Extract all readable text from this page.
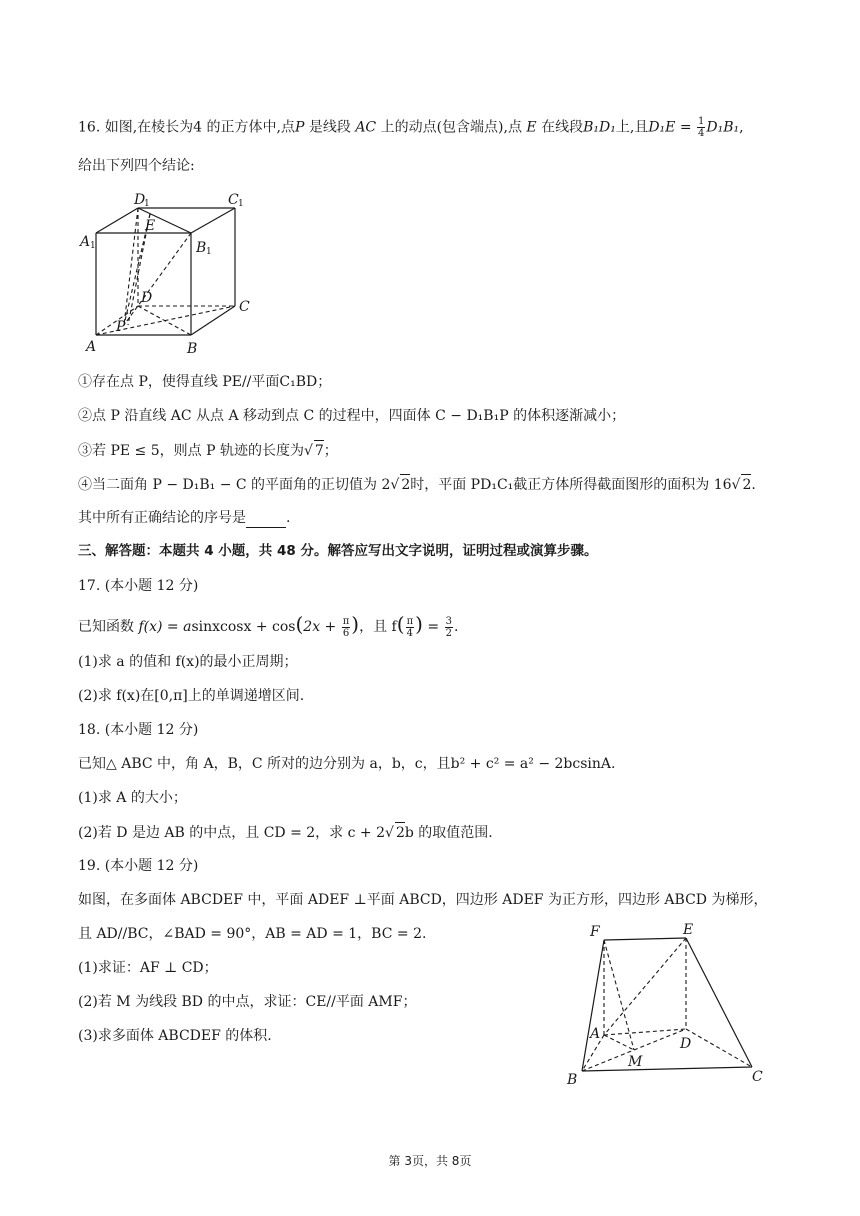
16. 如图,在棱长为4 的正方体中,点P 是线段 AC 上的动点(包含端点),点 E 在线段B₁D₁上,且$D_1E = \frac{1}{4} D_1B_1$,
给出下列四个结论:
D
1	C 1
A 1	B 1
E
D
C
P
A	B
①存在点 P，使得直线 PE//平面C₁BD；
②点 P 沿直线 AC 从点 A 移动到点 C 的过程中，四面体 C − D₁B₁P 的体积逐渐减小；
③若 PE ≤ 5，则点 P 轨迹的长度为√ 7；
④当二面角 P − D₁B₁ − C 的平面角的正切值为 2√ 2时，平面 PD₁C₁截正方体所得截面图形的面积为 16√ 2.
其中所有正确结论的序号是	.
三、解答题：本题共 4 小题，共 48 分。解答应写出文字说明，证明过程或演算步骤。
17. (本小题 12 分)
已知函数 f(x) = asinxcosx + $\cos(2x + \frac{\pi}{6}$ )，且 $f( \frac{\pi}{4}$ ) = $\frac{3}{2}$ .
(1)求 a 的值和 f(x)的最小正周期；
(2)求 f(x)在[0,π]上的单调递增区间.
18. (本小题 12 分)
已知△ ABC 中，角 A，B，C 所对的边分别为 a，b，c，且b² + c² = a² − 2bcsinA.
(1)求 A 的大小；
(2)若 D 是边 AB 的中点，且 CD = 2，求 c + 2√ 2b 的取值范围.
19. (本小题 12 分)
如图，在多面体 ABCDEF 中，平面 ADEF ⊥平面 ABCD，四边形 ADEF 为正方形，四边形 ABCD 为梯形，
且 AD//BC，∠BAD = 90°，AB = AD = 1，BC = 2.
(1)求证：AF ⊥ CD；
(2)若 M 为线段 BD 的中点，求证：CE//平面 AMF；
(3)求多面体 ABCDEF 的体积.
F	E
A
D
M
B	C
第 3页，共 8页
